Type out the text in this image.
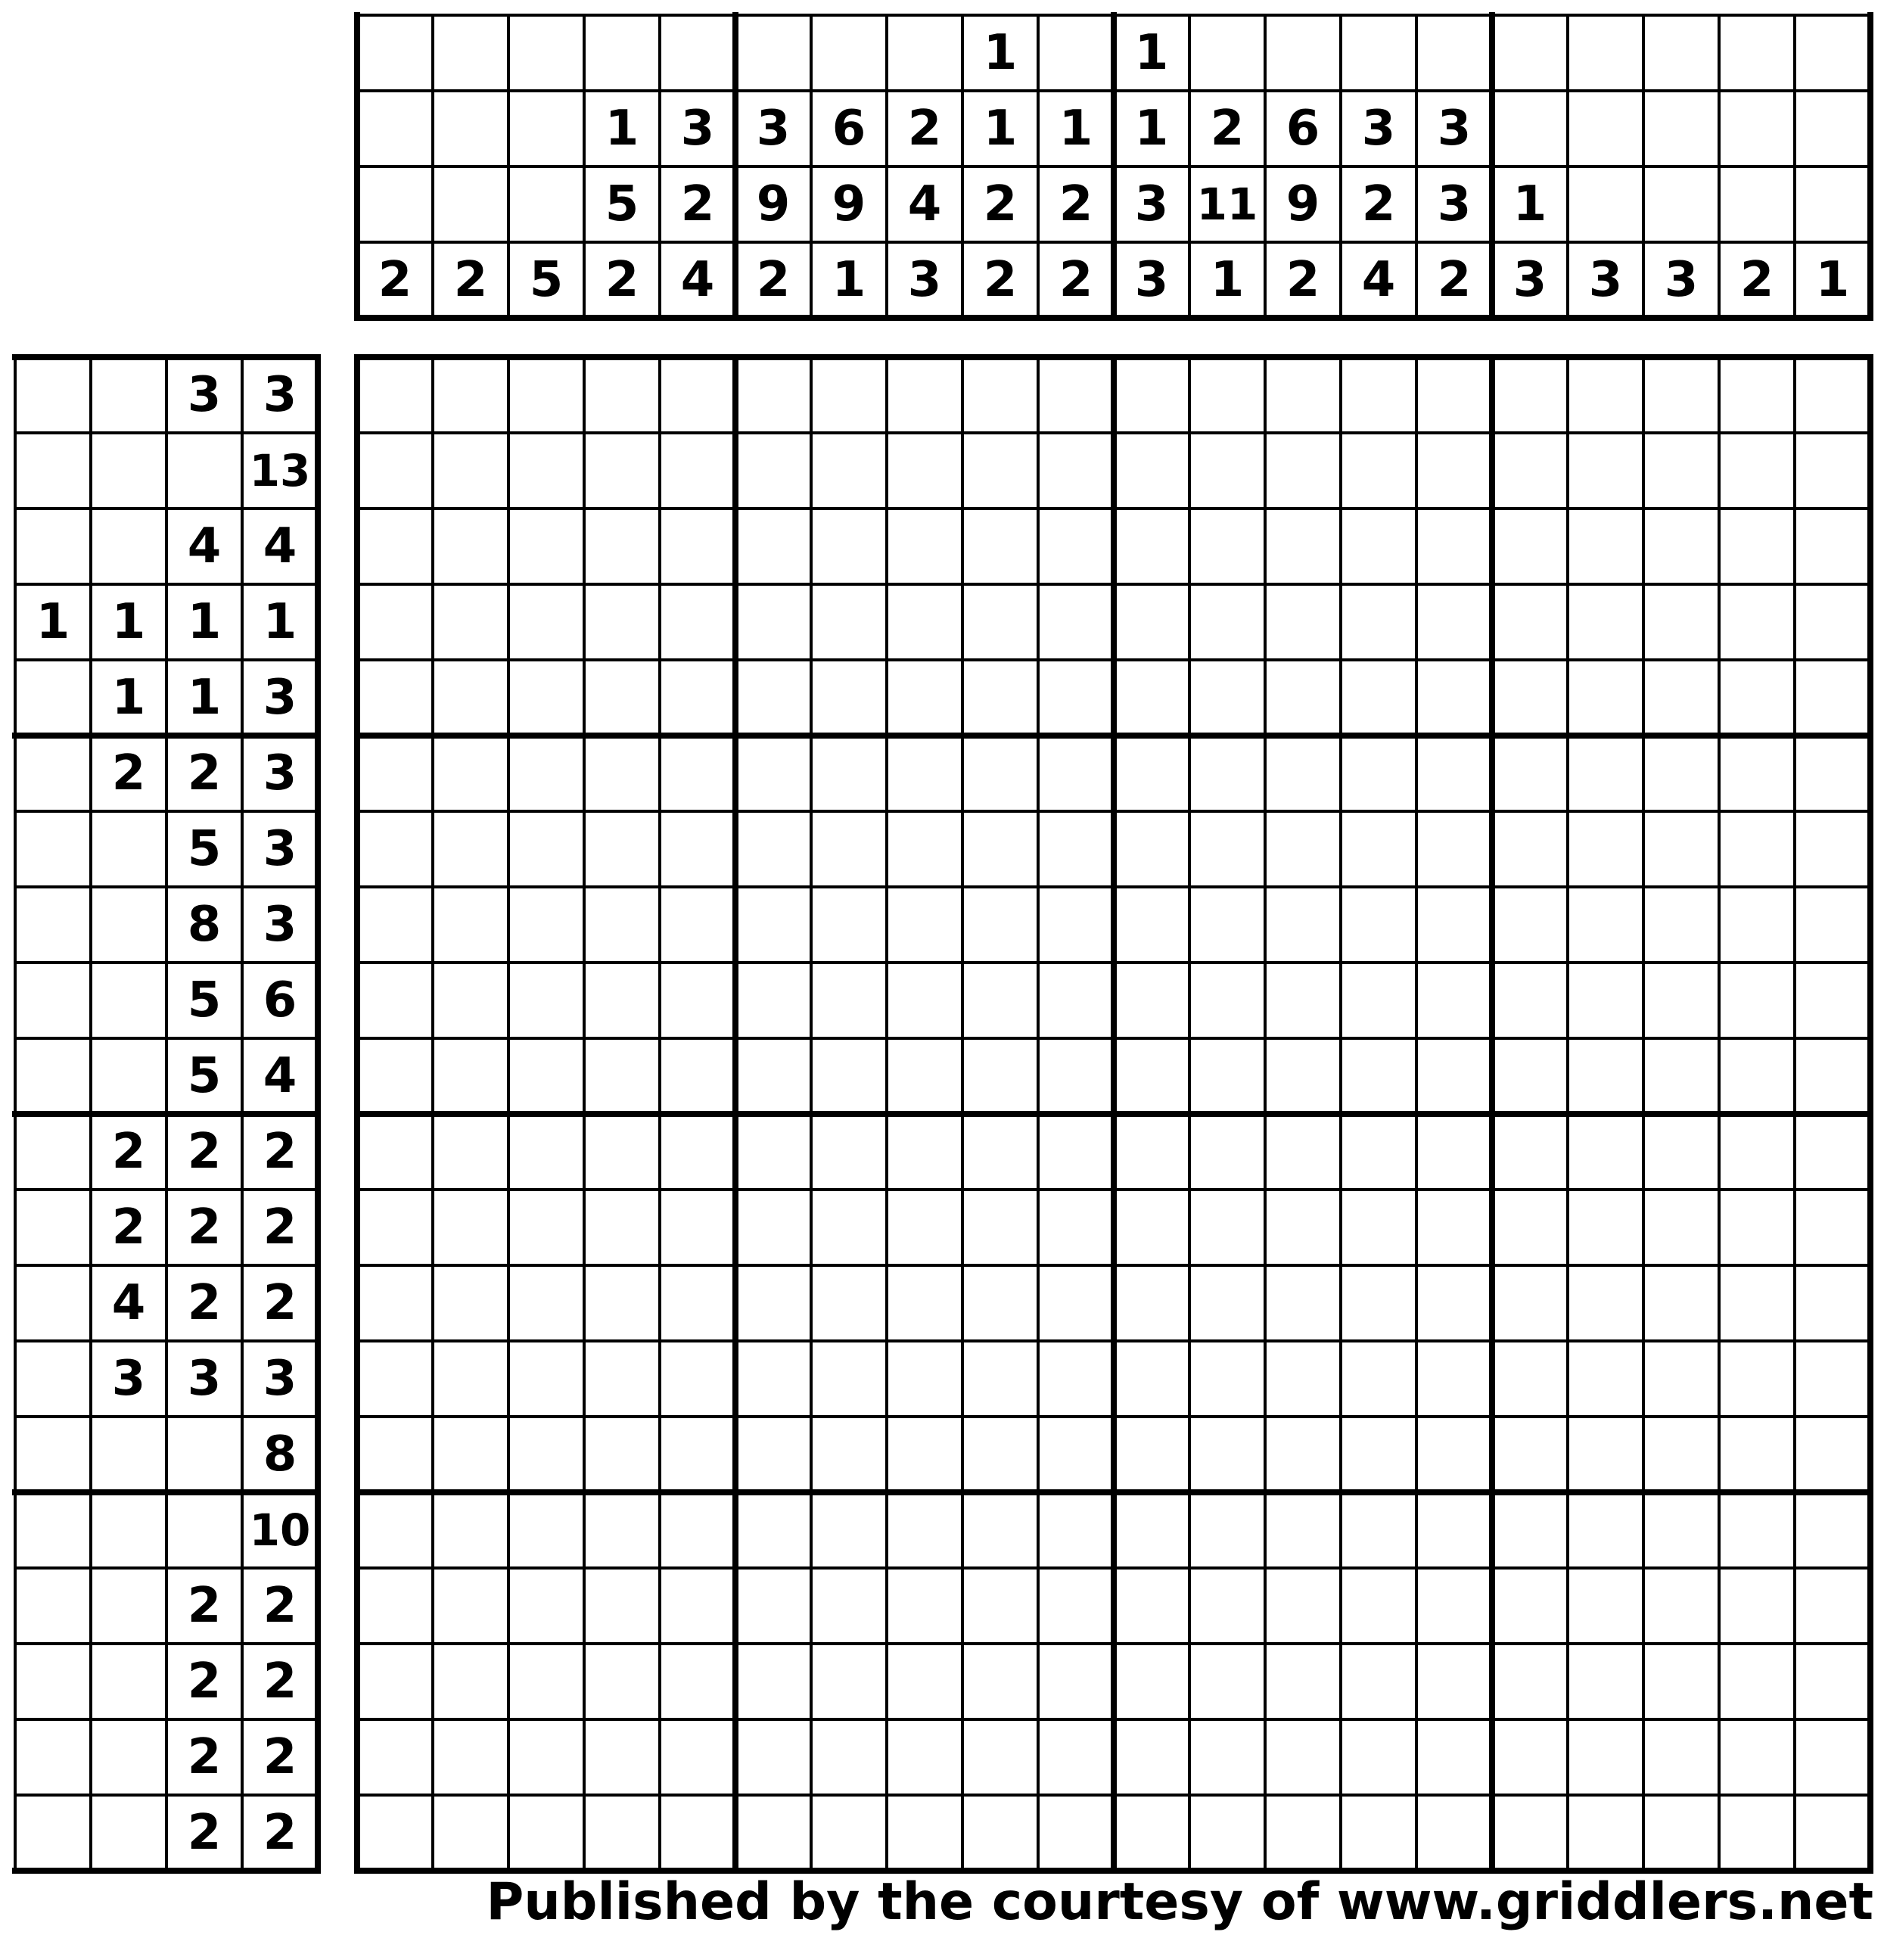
2 2 5
1
5
2
3
2
4
3
9
2
6
9
1
2
4
3
1
1
2
2
1
2
2
1
1
3
3
2
11
1
6
9
2
3
2
4
3
3
2
1
3 3 3 2 1
3 3
13
4 4
1 1 1 1
1 1 3
2 2 3
5 3
8 3
5 6
5 4
2 2 2
2 2 2
4 2 2
3 3 3
8
10
2 2
2 2
2 2
2 2

Published by the courtesy of www.griddlers.net
